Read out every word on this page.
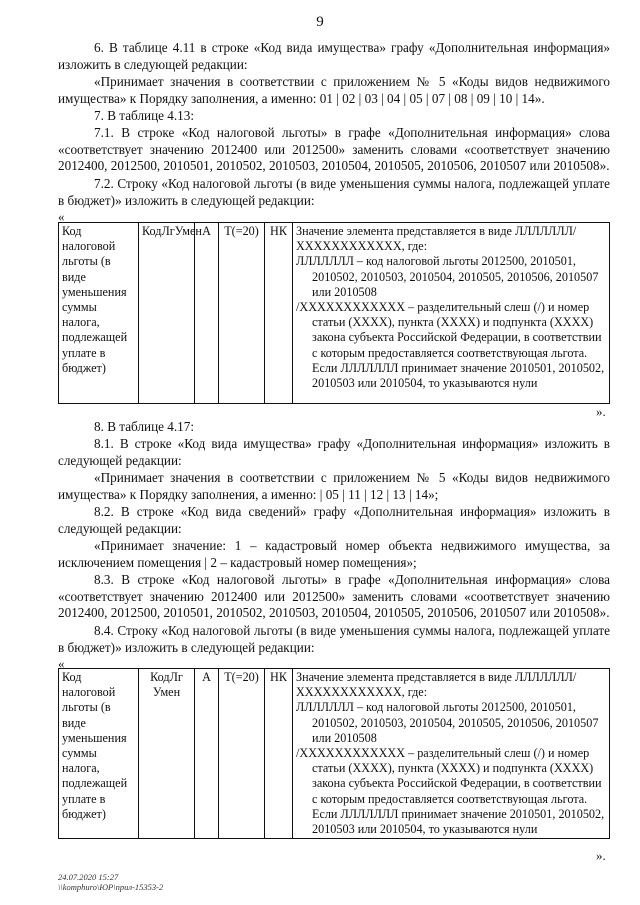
9
6. В таблице 4.11 в строке «Код вида имущества» графу «Дополнительная информация» изложить в следующей редакции:
«Принимает значения в соответствии с приложением № 5 «Коды видов недвижимого имущества» к Порядку заполнения, а именно: 01 | 02 | 03 | 04 | 05 | 07 | 08 | 09 | 10 | 14».
7. В таблице 4.13:
7.1. В строке «Код налоговой льготы» в графе «Дополнительная информация» слова «соответствует значению 2012400 или 2012500» заменить словами «соответствует значению 2012400, 2012500, 2010501, 2010502, 2010503, 2010504, 2010505, 2010506, 2010507 или 2010508».
7.2. Строку «Код налоговой льготы (в виде уменьшения суммы налога, подлежащей уплате в бюджет)» изложить в следующей редакции:
«
Код налоговой льготы (в виде уменьшения суммы налога, подлежащей уплате в бюджет)	КодЛгУмен	А	Т(=20)	НК	Значение элемента представляется в виде ЛЛЛЛЛЛЛ/ХХХХХХХХХХХХ, где:
ЛЛЛЛЛЛЛ – код налоговой льготы 2012500, 2010501, 2010502, 2010503, 2010504, 2010505, 2010506, 2010507 или 2010508
/ХХХХХХХХХХХХ – разделительный слеш (/) и номер статьи (ХХХХ), пункта (ХХХХ) и подпункта (ХХХХ) закона субъекта Российской Федерации, в соответствии с которым предоставляется соответствующая льгота. Если ЛЛЛЛЛЛЛ принимает значение 2010501, 2010502, 2010503 или 2010504, то указываются нули
».
8. В таблице 4.17:
8.1. В строке «Код вида имущества» графу «Дополнительная информация» изложить в следующей редакции:
«Принимает значения в соответствии с приложением № 5 «Коды видов недвижимого имущества» к Порядку заполнения, а именно: | 05 | 11 | 12 | 13 | 14»;
8.2. В строке «Код вида сведений» графу «Дополнительная информация» изложить в следующей редакции:
«Принимает значение: 1 – кадастровый номер объекта недвижимого имущества, за исключением помещения | 2 – кадастровый номер помещения»;
8.3. В строке «Код налоговой льготы» в графе «Дополнительная информация» слова «соответствует значению 2012400 или 2012500» заменить словами «соответствует значению 2012400, 2012500, 2010501, 2010502, 2010503, 2010504, 2010505, 2010506, 2010507 или 2010508».
8.4. Строку «Код налоговой льготы (в виде уменьшения суммы налога, подлежащей уплате в бюджет)» изложить в следующей редакции:
«
Код налоговой льготы (в виде уменьшения суммы налога, подлежащей уплате в бюджет)	КодЛг Умен	А	Т(=20)	НК	Значение элемента представляется в виде ЛЛЛЛЛЛЛ/ХХХХХХХХХХХХ, где:
ЛЛЛЛЛЛЛ – код налоговой льготы 2012500, 2010501, 2010502, 2010503, 2010504, 2010505, 2010506, 2010507 или 2010508
/ХХХХХХХХХХХХ – разделительный слеш (/) и номер статьи (ХХХХ), пункта (ХХХХ) и подпункта (ХХХХ) закона субъекта Российской Федерации, в соответствии с которым предоставляется соответствующая льгота. Если ЛЛЛЛЛЛЛ принимает значение 2010501, 2010502, 2010503 или 2010504, то указываются нули
».
24.07.2020 15:27
\\komphuro\ЮР\прил-15353-2
